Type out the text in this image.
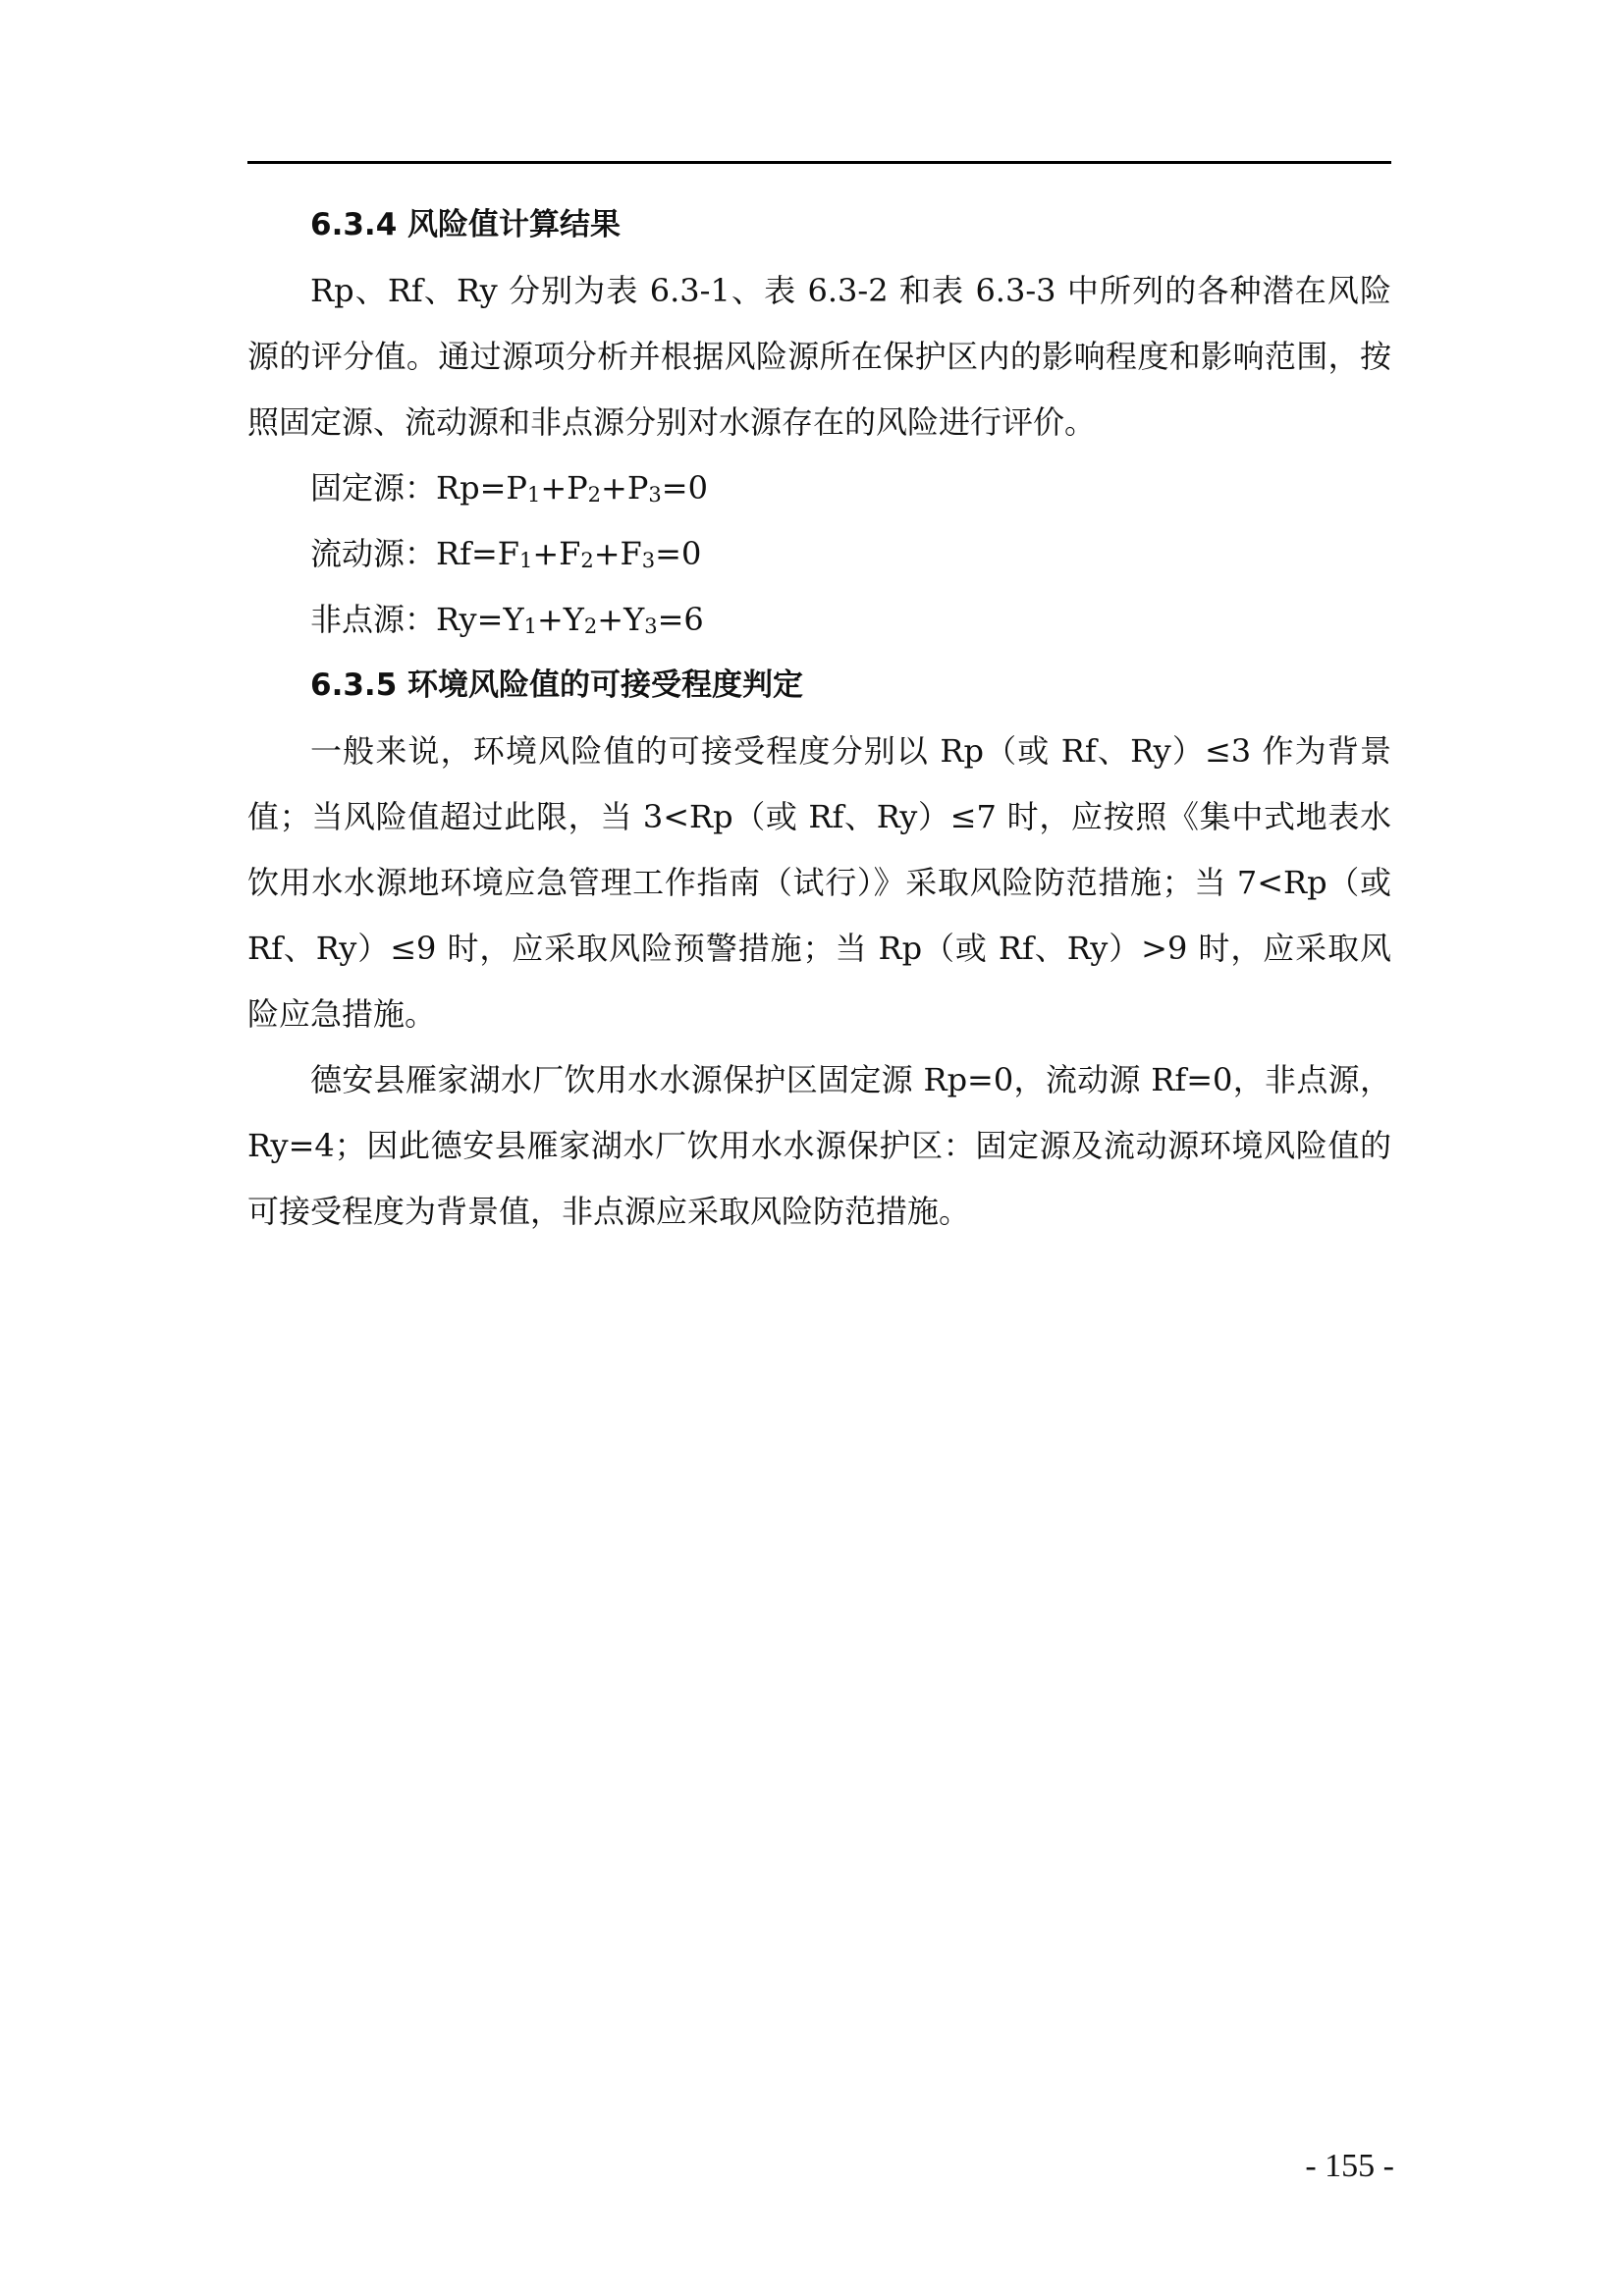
6.3.4 风险值计算结果

Rp、Rf、Ry 分别为表 6.3-1、表 6.3-2 和表 6.3-3 中所列的各种潜在风险源的评分值。通过源项分析并根据风险源所在保护区内的影响程度和影响范围，按照固定源、流动源和非点源分别对水源存在的风险进行评价。

固定源：$Rp=P_1+P_2+P_3=0$

流动源：$Rf=F_1+F_2+F_3=0$

非点源：$Ry=Y_1+Y_2+Y_3=6$

6.3.5 环境风险值的可接受程度判定

一般来说，环境风险值的可接受程度分别以 Rp（或 Rf、Ry）≤3 作为背景值；当风险值超过此限，当 3<Rp（或 Rf、Ry）≤7 时，应按照《集中式地表水饮用水水源地环境应急管理工作指南（试行）》采取风险防范措施；当 7<Rp（或 Rf、Ry）≤9 时，应采取风险预警措施；当 Rp（或 Rf、Ry）>9 时，应采取风险应急措施。

德安县雁家湖水厂饮用水水源保护区固定源 Rp=0，流动源 Rf=0，非点源，Ry=4；因此德安县雁家湖水厂饮用水水源保护区：固定源及流动源环境风险值的可接受程度为背景值，非点源应采取风险防范措施。

- 155 -
